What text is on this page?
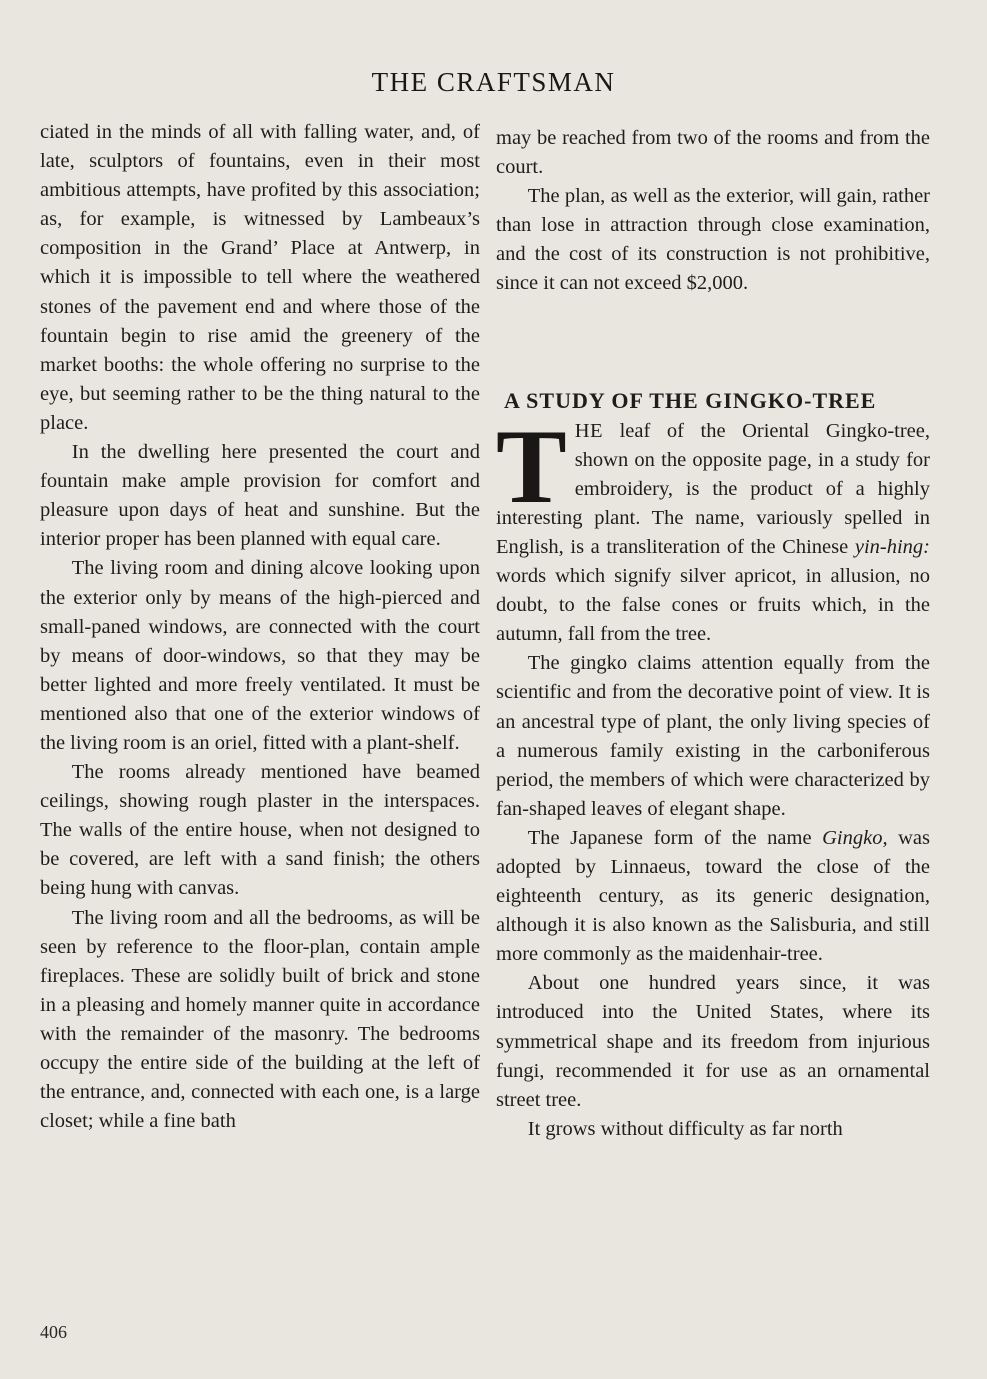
THE CRAFTSMAN

ciated in the minds of all with falling water, and, of late, sculptors of fountains, even in their most ambitious attempts, have profited by this association; as, for example, is witnessed by Lambeaux’s composition in the Grand’ Place at Antwerp, in which it is impossible to tell where the weathered stones of the pavement end and where those of the fountain begin to rise amid the greenery of the market booths: the whole offering no surprise to the eye, but seeming rather to be the thing natural to the place.

In the dwelling here presented the court and fountain make ample provision for comfort and pleasure upon days of heat and sunshine. But the interior proper has been planned with equal care.

The living room and dining alcove looking upon the exterior only by means of the high-pierced and small-paned windows, are connected with the court by means of door-windows, so that they may be better lighted and more freely ventilated. It must be mentioned also that one of the exterior windows of the living room is an oriel, fitted with a plant-shelf.

The rooms already mentioned have beamed ceilings, showing rough plaster in the interspaces. The walls of the entire house, when not designed to be covered, are left with a sand finish; the others being hung with canvas.

The living room and all the bedrooms, as will be seen by reference to the floor-plan, contain ample fireplaces. These are solidly built of brick and stone in a pleasing and homely manner quite in accordance with the remainder of the masonry. The bedrooms occupy the entire side of the building at the left of the entrance, and, connected with each one, is a large closet; while a fine bath

may be reached from two of the rooms and from the court.

The plan, as well as the exterior, will gain, rather than lose in attraction through close examination, and the cost of its construction is not prohibitive, since it can not exceed $2,000.

A STUDY OF THE GINGKO-TREE

THE leaf of the Oriental Gingko-tree, shown on the opposite page, in a study for embroidery, is the product of a highly interesting plant. The name, variously spelled in English, is a transliteration of the Chinese yin-hing: words which signify silver apricot, in allusion, no doubt, to the false cones or fruits which, in the autumn, fall from the tree.

The gingko claims attention equally from the scientific and from the decorative point of view. It is an ancestral type of plant, the only living species of a numerous family existing in the carboniferous period, the members of which were characterized by fan-shaped leaves of elegant shape.

The Japanese form of the name Gingko, was adopted by Linnaeus, toward the close of the eighteenth century, as its generic designation, although it is also known as the Salisburia, and still more commonly as the maidenhair-tree.

About one hundred years since, it was introduced into the United States, where its symmetrical shape and its freedom from injurious fungi, recommended it for use as an ornamental street tree.

It grows without difficulty as far north

406
